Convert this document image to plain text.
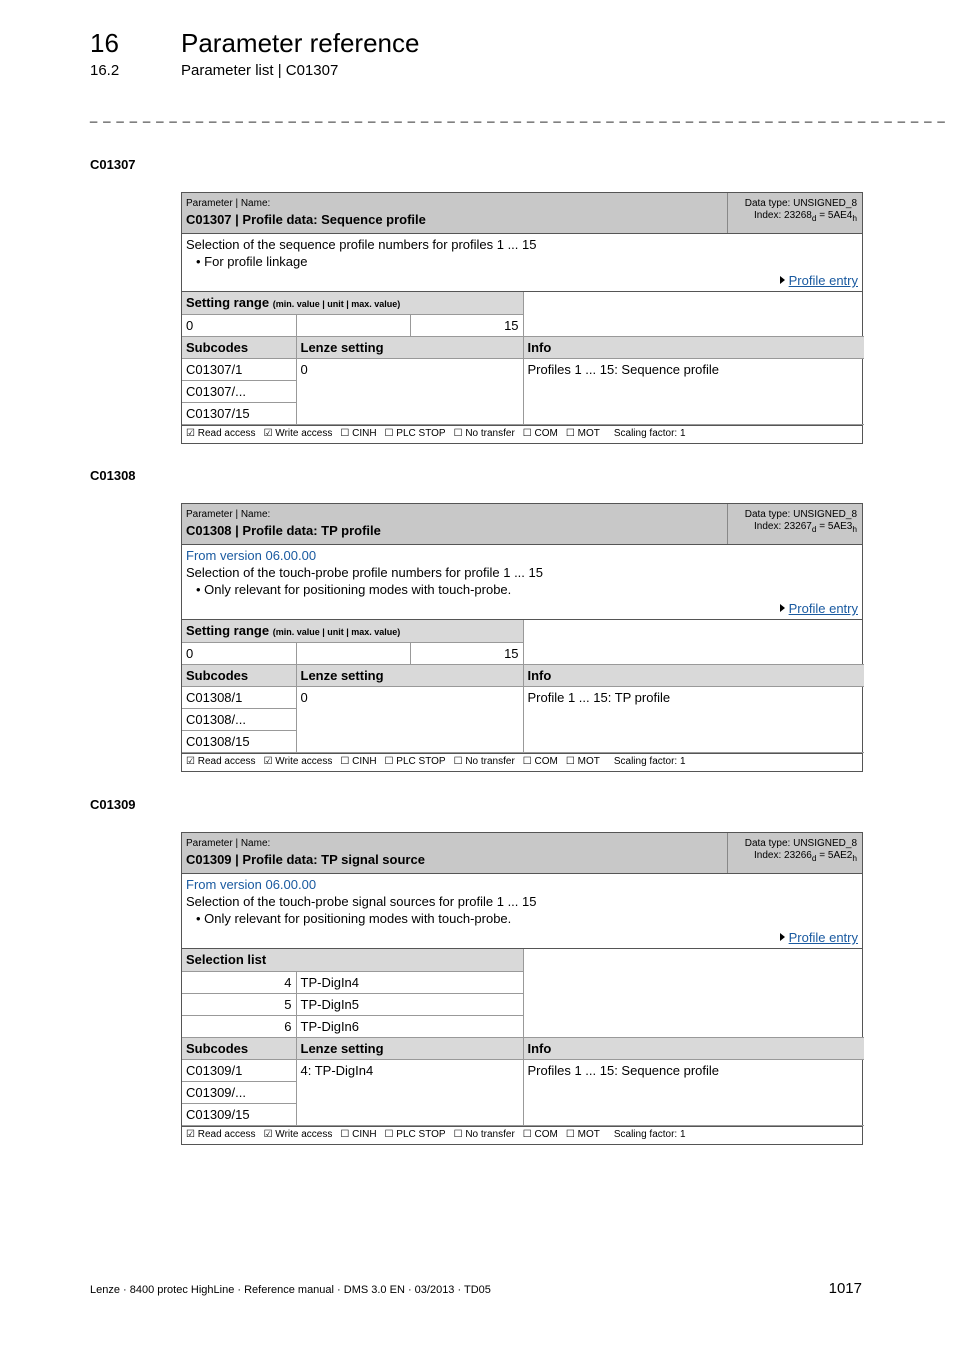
16 Parameter reference
16.2	Parameter list | C01307
_ _ _ _ _ _ _ _ _ _ _ _ _ _ _ _ _ _ _ _ _ _ _ _ _ _ _ _ _ _ _ _ _ _ _ _ _ _ _ _ _ _ _ _ _ _ _ _ _ _ _ _ _ _ _ _ _ _ _ _ _ _ _ _ _
C01307
Parameter | Name:
C01307 | Profile data: Sequence profile
Data type: UNSIGNED_8
Index: $23268_d = 5AE4_h$
Selection of the sequence profile numbers for profiles 1 ... 15
• For profile linkage
Profile entry
Setting range (min. value | unit | max. value)			
0		15	
Subcodes	Lenze setting	Info
C01307/1	0	Profiles 1 ... 15: Sequence profile
C01307/...		
C01307/15		
☑ Read access ☑ Write access ☐ CINH ☐ PLC STOP ☐ No transfer ☐ COM ☐ MOT Scaling factor: 1
C01308
Parameter | Name:
C01308 | Profile data: TP profile
Data type: UNSIGNED_8
Index: $23267_d = 5AE3_h$
From version 06.00.00
Selection of the touch-probe profile numbers for profile 1 ... 15
• Only relevant for positioning modes with touch-probe.
Profile entry
Setting range (min. value | unit | max. value)			
0		15	
Subcodes	Lenze setting	Info
C01308/1	0	Profile 1 ... 15: TP profile
C01308/...		
C01308/15		
☑ Read access ☑ Write access ☐ CINH ☐ PLC STOP ☐ No transfer ☐ COM ☐ MOT Scaling factor: 1
C01309
Parameter | Name:
C01309 | Profile data: TP signal source
Data type: UNSIGNED_8
Index: $23266_d = 5AE2_h$
From version 06.00.00
Selection of the touch-probe signal sources for profile 1 ... 15
• Only relevant for positioning modes with touch-probe.
Profile entry
Selection list		
4	TP-DigIn4	
5	TP-DigIn5	
6	TP-DigIn6	
Subcodes	Lenze setting	Info
C01309/1	4: TP-DigIn4	Profiles 1 ... 15: Sequence profile
C01309/...		
C01309/15		
☑ Read access ☑ Write access ☐ CINH ☐ PLC STOP ☐ No transfer ☐ COM ☐ MOT Scaling factor: 1
Lenze · 8400 protec HighLine · Reference manual · DMS 3.0 EN · 03/2013 · TD05	1017
